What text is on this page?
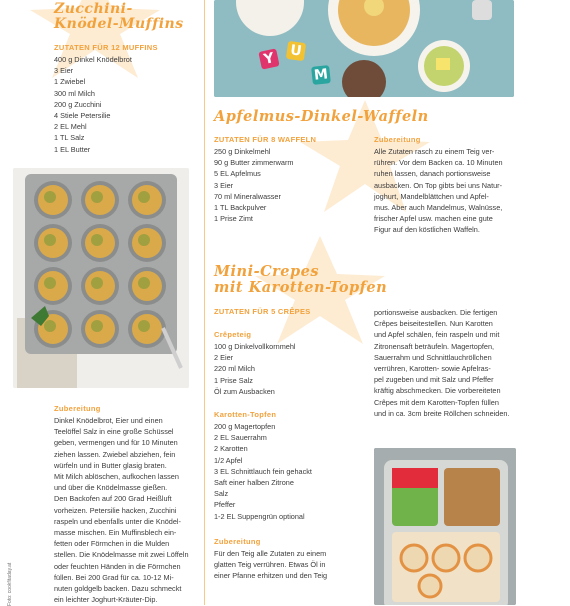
Zucchini-
Knödel-Muffins
ZUTATEN FÜR 12 MUFFINS
400 g Dinkel Knödelbrot
3 Eier
1 Zwiebel
300 ml Milch
200 g Zucchini
4 Stiele Petersilie
2 EL Mehl
1 TL Salz
1 EL Butter
Foto: cookfitaday.at
Zubereitung
Dinkel Knödelbrot, Eier und einen
Teelöffel Salz in eine große Schüssel
geben, vermengen und für 10 Minuten
ziehen lassen. Zwiebel abziehen, fein
würfeln und in Butter glasig braten.
Mit Milch ablöschen, aufkochen lassen
und über die Knödelmasse gießen.
Den Backofen auf 200 Grad Heißluft
vorheizen. Petersilie hacken, Zucchini
raspeln und ebenfalls unter die Knödel-
masse mischen. Ein Muffinsblech ein-
fetten oder Förmchen in die Mulden
stellen. Die Knödelmasse mit zwei Löffeln
oder feuchten Händen in die Förmchen
füllen. Bei 200 Grad für ca. 10-12 Mi-
nuten goldgelb backen. Dazu schmeckt
ein leichter Joghurt-Kräuter-Dip.
Y U
M
Apfelmus-Dinkel-Waffeln
ZUTATEN FÜR 8 WAFFELN
250 g Dinkelmehl
90 g Butter zimmerwarm
5 EL Apfelmus
3 Eier
70 ml Mineralwasser
1 TL Backpulver
1 Prise Zimt
Zubereitung
Alle Zutaten rasch zu einem Teig ver-
rühren. Vor dem Backen ca. 10 Minuten
ruhen lassen, danach portionsweise
ausbacken. On Top gibts bei uns Natur-
joghurt, Mandelblättchen und Apfel-
mus. Aber auch Mandelmus, Walnüsse,
frischer Apfel usw. machen eine gute
Figur auf den köstlichen Waffeln.
Mini-Crepes
mit Karotten-Topfen
ZUTATEN FÜR 5 CRÊPES
Crêpeteig
100 g Dinkelvollkornmehl
2 Eier
220 ml Milch
1 Prise Salz
Öl zum Ausbacken
Karotten-Topfen
200 g Magertopfen
2 EL Sauerrahm
2 Karotten
1/2 Apfel
3 EL Schnittlauch fein gehackt
Saft einer halben Zitrone
Salz
Pfeffer
1-2 EL Suppengrün optional
Zubereitung
Für den Teig alle Zutaten zu einem
glatten Teig verrühren. Etwas Öl in
einer Pfanne erhitzen und den Teig
portionsweise ausbacken. Die fertigen
Crêpes beiseitestellen. Nun Karotten
und Apfel schälen, fein raspeln und mit
Zitronensaft beträufeln. Magertopfen,
Sauerrahm und Schnittlauchröllchen
verrühren, Karotten- sowie Apfelras-
pel zugeben und mit Salz und Pfeffer
kräftig abschmecken. Die vorbereiteten
Crêpes mit dem Karotten-Topfen füllen
und in ca. 3cm breite Röllchen schneiden.
